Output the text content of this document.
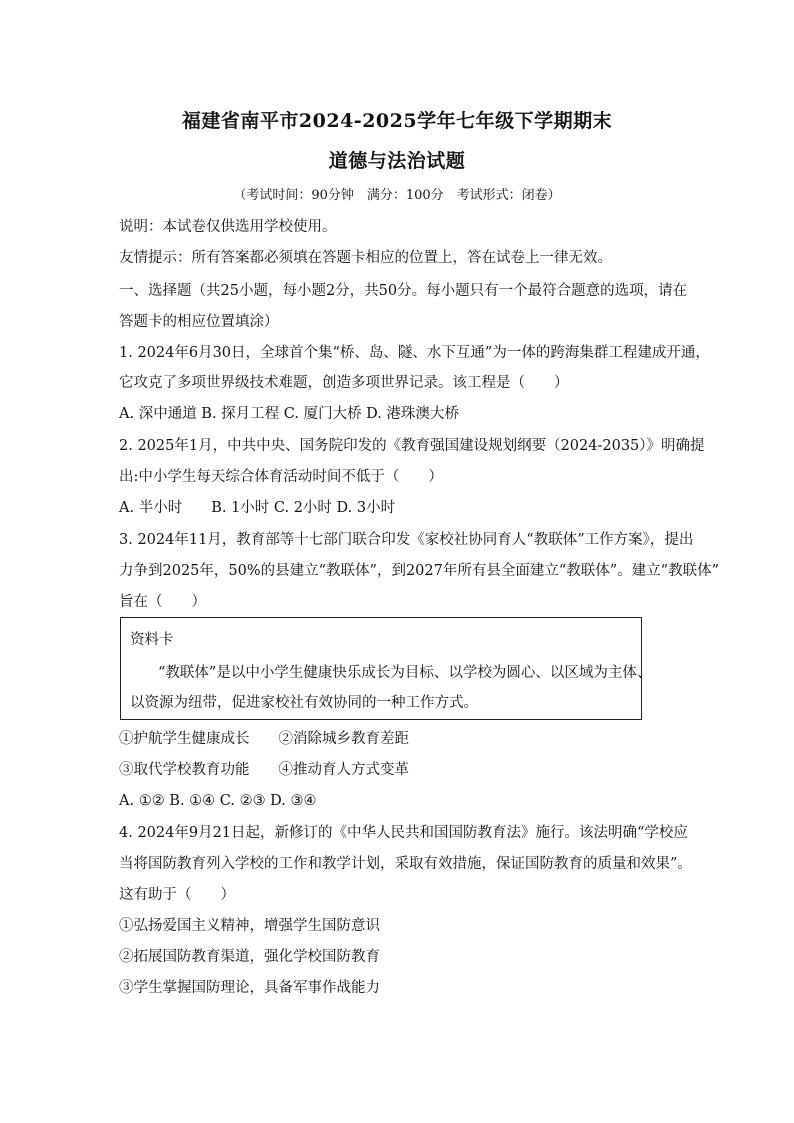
福建省南平市2024-2025学年七年级下学期期末
道德与法治试题
（考试时间：90分钟　满分：100分　考试形式：闭卷）
说明：本试卷仅供选用学校使用。
友情提示：所有答案都必须填在答题卡相应的位置上，答在试卷上一律无效。
一、选择题（共25小题，每小题2分，共50分。每小题只有一个最符合题意的选项，请在
答题卡的相应位置填涂）
1. 2024年6月30日，全球首个集“桥、岛、隧、水下互通”为一体的跨海集群工程建成开通，
它攻克了多项世界级技术难题，创造多项世界记录。该工程是（　　）
A. 深中通道 B. 探月工程 C. 厦门大桥 D. 港珠澳大桥
2. 2025年1月，中共中央、国务院印发的《教育强国建设规划纲要（2024-2035）》明确提
出:中小学生每天综合体育活动时间不低于（　　）
A. 半小时　　B. 1小时 C. 2小时 D. 3小时
3. 2024年11月，教育部等十七部门联合印发《家校社协同育人“教联体”工作方案》，提出
力争到2025年，50%的县建立“教联体”，到2027年所有县全面建立“教联体”。建立“教联体”
旨在（　　）
资料卡
“教联体”是以中小学生健康快乐成长为目标、以学校为圆心、以区域为主体、
以资源为纽带，促进家校社有效协同的一种工作方式。
①护航学生健康成长　　②消除城乡教育差距
③取代学校教育功能　　④推动育人方式变革
A. ①② B. ①④ C. ②③ D. ③④
4. 2024年9月21日起，新修订的《中华人民共和国国防教育法》施行。该法明确“学校应
当将国防教育列入学校的工作和教学计划，采取有效措施，保证国防教育的质量和效果”。
这有助于（　　）
①弘扬爱国主义精神，增强学生国防意识
②拓展国防教育渠道，强化学校国防教育
③学生掌握国防理论，具备军事作战能力
